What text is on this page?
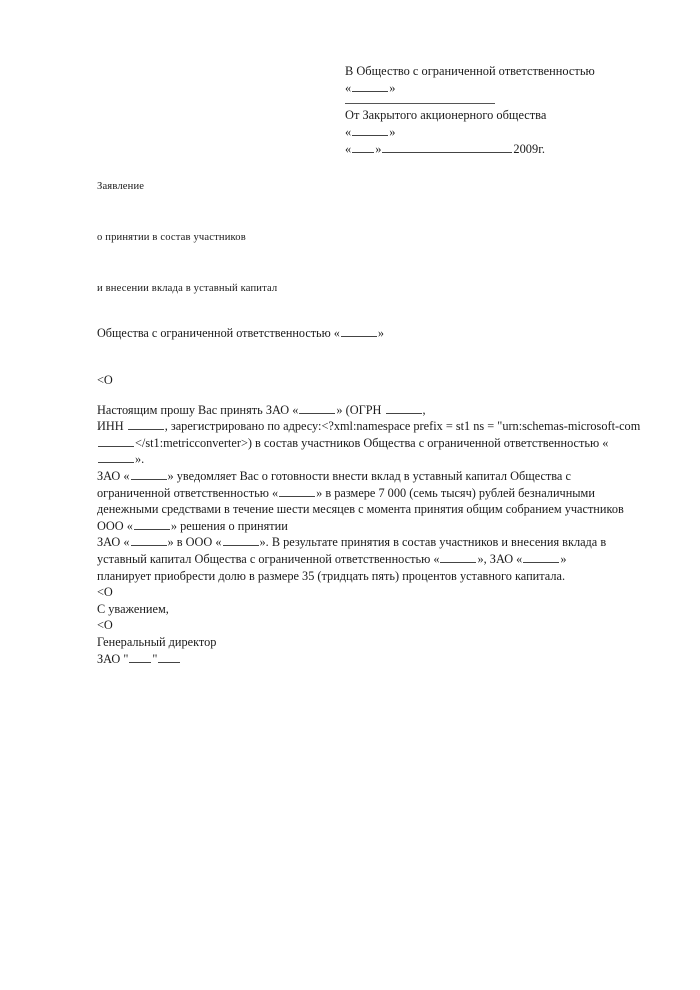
В Общество с ограниченной ответственностью
«	»
От Закрытого акционерного общества
«	»
« »	2009г.
Заявление
о принятии в состав участников
и внесении вклада в уставный капитал
Общества с ограниченной ответственностью «	»
<O
Настоящим прошу Вас принять ЗАО «	» (ОГРН	,
ИНН	, зарегистрировано по адресу:<?xml:namespace prefix = st1 ns = "urn:schemas-microsoft-com</st1:metricconverter>) в состав участников Общества с ограниченной ответственностью «».
ЗАО «	» уведомляет Вас о готовности внести вклад в уставный капитал Общества с ограниченной ответственностью «	» в размере 7 000 (семь тысяч) рублей безналичными денежными средствами в течение шести месяцев с момента принятия общим собранием участников ООО «	» решения о принятии
ЗАО «	» в ООО «	». В результате принятия в состав участников и внесения вклада в уставный капитал Общества с ограниченной ответственностью «	», ЗАО «	»
планирует приобрести долю в размере 35 (тридцать пять) процентов уставного капитала.
<O
С уважением,
<O
Генеральный директор
ЗАО " "
